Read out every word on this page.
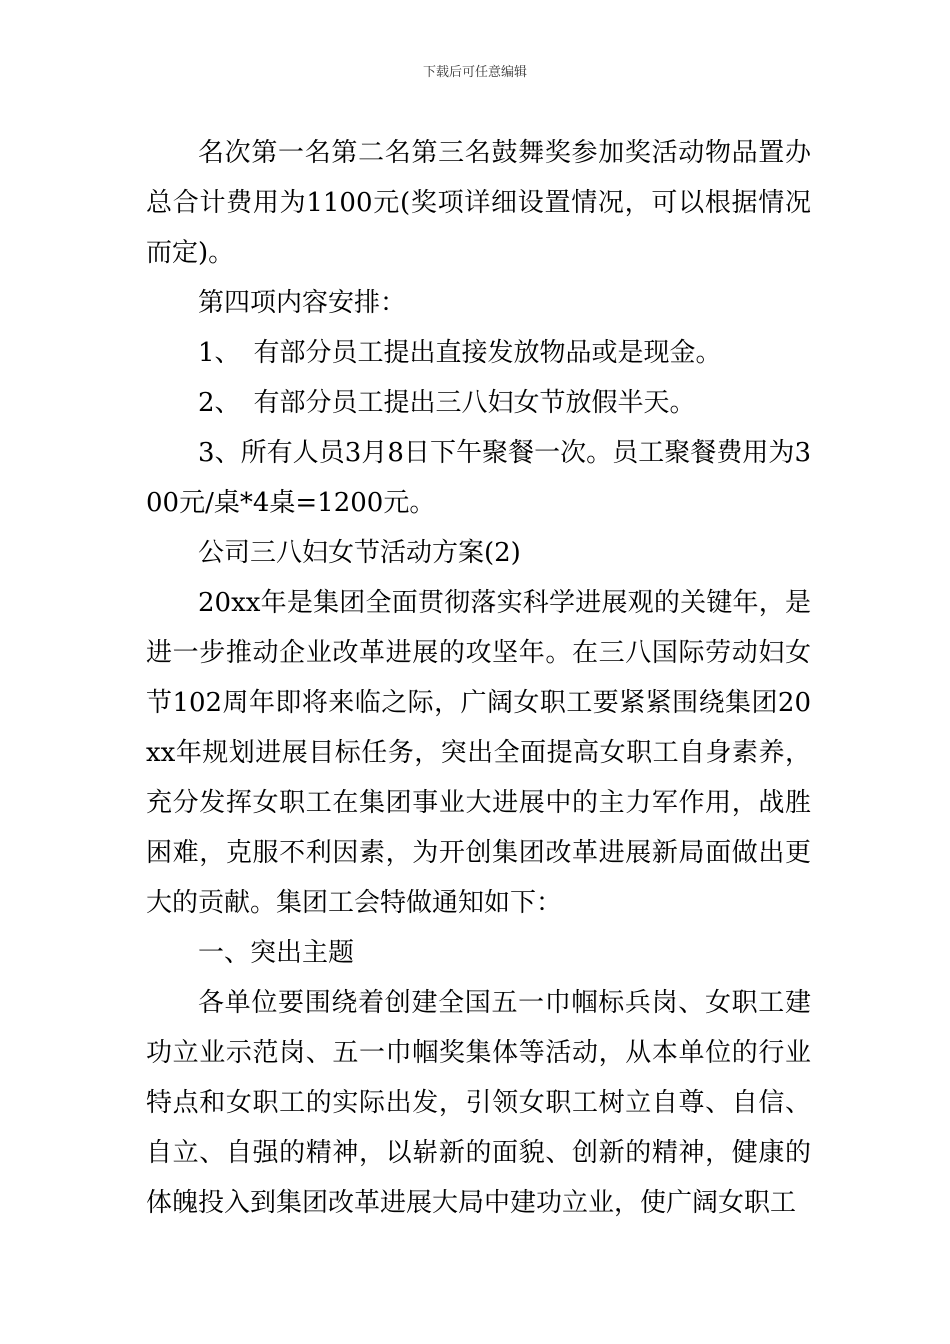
下载后可任意编辑

名次第一名第二名第三名鼓舞奖参加奖活动物品置办总合计费用为1100元(奖项详细设置情况，可以根据情况而定)。

第四项内容安排：

1、　有部分员工提出直接发放物品或是现金。

2、　有部分员工提出三八妇女节放假半天。

3、所有人员3月8日下午聚餐一次。员工聚餐费用为300元/桌*4桌=1200元。

公司三八妇女节活动方案(2)

20xx年是集团全面贯彻落实科学进展观的关键年，是进一步推动企业改革进展的攻坚年。在三八国际劳动妇女节102周年即将来临之际，广阔女职工要紧紧围绕集团20xx年规划进展目标任务，突出全面提高女职工自身素养，充分发挥女职工在集团事业大进展中的主力军作用，战胜困难，克服不利因素，为开创集团改革进展新局面做出更大的贡献。集团工会特做通知如下：

一、突出主题

各单位要围绕着创建全国五一巾帼标兵岗、女职工建功立业示范岗、五一巾帼奖集体等活动，从本单位的行业特点和女职工的实际出发，引领女职工树立自尊、自信、自立、自强的精神，以崭新的面貌、创新的精神，健康的体魄投入到集团改革进展大局中建功立业，使广阔女职工
